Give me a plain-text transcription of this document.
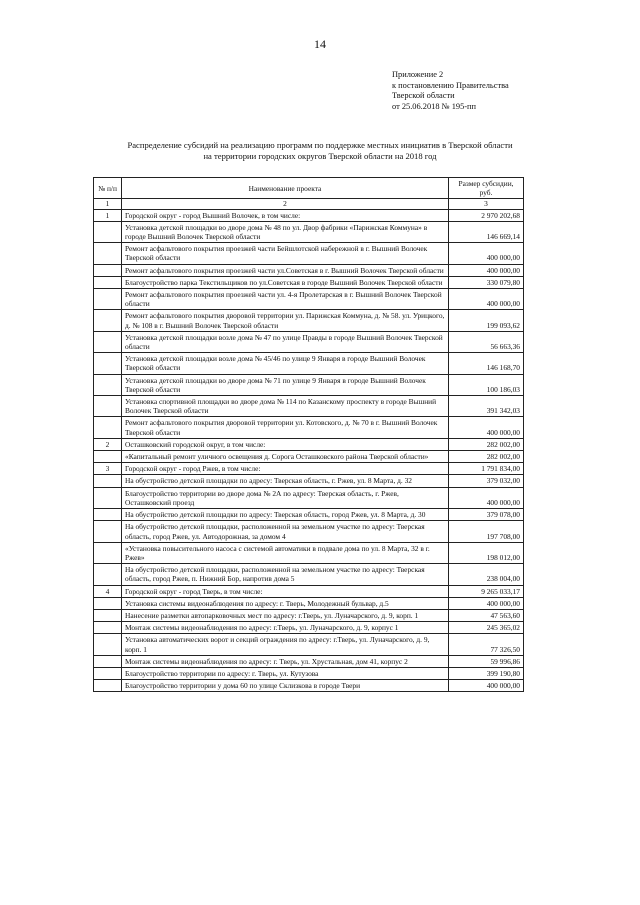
14
Приложение 2
к постановлению Правительства
Тверской области
от 25.06.2018 № 195-пп
Распределение субсидий на реализацию программ по поддержке местных инициатив в Тверской области
на территории городских округов Тверской области на 2018 год
№ п/п	Наименование проекта	Размер субсидии, руб.
1	2	3
1	Городской округ - город Вышний Волочек, в том числе:	2 970 202,68
	Установка детской площадки во дворе дома № 48 по ул. Двор фабрики «Парижская Коммуна» в городе Вышний Волочек Тверской области	146 669,14
	Ремонт асфальтового покрытия проезжей части Бейшлотской набережной в г. Вышний Волочек Тверской области	400 000,00
	Ремонт асфальтового покрытия проезжей части ул.Советская в г. Вышний Волочек Тверской области	400 000,00
	Благоустройство парка Текстильщиков по ул.Советская в городе Вышний Волочек Тверской области	330 079,80
	Ремонт асфальтового покрытия проезжей части ул. 4-я Пролетарская в г. Вышний Волочек Тверской области	400 000,00
	Ремонт асфальтового покрытия дворовой территории ул. Парижская Коммуна, д. № 58. ул. Урицкого, д. № 108 в г. Вышний Волочек Тверской области	199 093,62
	Установка детской площадки возле дома № 47 по улице Правды в городе Вышний Волочек Тверской области	56 663,36
	Установка детской площадки возле дома № 45/46 по улице 9 Января в городе Вышний Волочек Тверской области	146 168,70
	Установка детской площадки во дворе дома № 71 по улице 9 Января в городе Вышний Волочек Тверской области	100 186,03
	Установка спортивной площадки во дворе дома № 114 по Казанскому проспекту в городе Вышний Волочек Тверской области	391 342,03
	Ремонт асфальтового покрытия дворовой территории ул. Котовского, д. № 70 в г. Вышний Волочек Тверской области	400 000,00
2	Осташковский городской округ, в том числе:	282 002,00
	«Капитальный ремонт уличного освещения д. Сорога Осташковского района Тверской области»	282 002,00
3	Городской округ - город Ржев, в том числе:	1 791 834,00
	На обустройство детской площадки по адресу: Тверская область, г. Ржев, ул. 8 Марта, д. 32	379 032,00
	Благоустройство территории во дворе дома № 2А по адресу: Тверская область, г. Ржев, Осташковский проезд	400 000,00
	На обустройство детской площадки по адресу: Тверская область, город Ржев, ул. 8 Марта, д. 30	379 078,00
	На обустройство детской площадки, расположенной на земельном участке по адресу: Тверская область, город Ржев, ул. Автодорожная, за домом 4	197 708,00
	«Установка повысительного насоса с системой автоматики в подвале дома по ул. 8 Марта, 32 в г. Ржев»	198 012,00
	На обустройство детской площадки, расположенной на земельном участке по адресу: Тверская область, город Ржев, п. Нижний Бор, напротив дома 5	238 004,00
4	Городской округ - город Тверь, в том числе:	9 265 033,17
	Установка системы видеонаблюдения по адресу: г. Тверь, Молодежный бульвар, д.5	400 000,00
	Нанесение разметки автопарковочных мест по адресу: г.Тверь, ул. Луначарского, д. 9, корп. 1	47 563,60
	Монтаж системы видеонаблюдения по адресу: г.Тверь, ул. Луначарского, д. 9, корпус 1	245 365,02
	Установка автоматических ворот и секций ограждения по адресу: г.Тверь, ул. Луначарского, д. 9, корп. 1	77 326,50
	Монтаж системы видеонаблюдения по адресу: г. Тверь, ул. Хрустальная, дом 41, корпус 2	59 996,86
	Благоустройство территории по адресу: г. Тверь, ул. Кутузова	399 190,80
	Благоустройство территории у дома 60 по улице Склизкова в городе Твери	400 000,00
